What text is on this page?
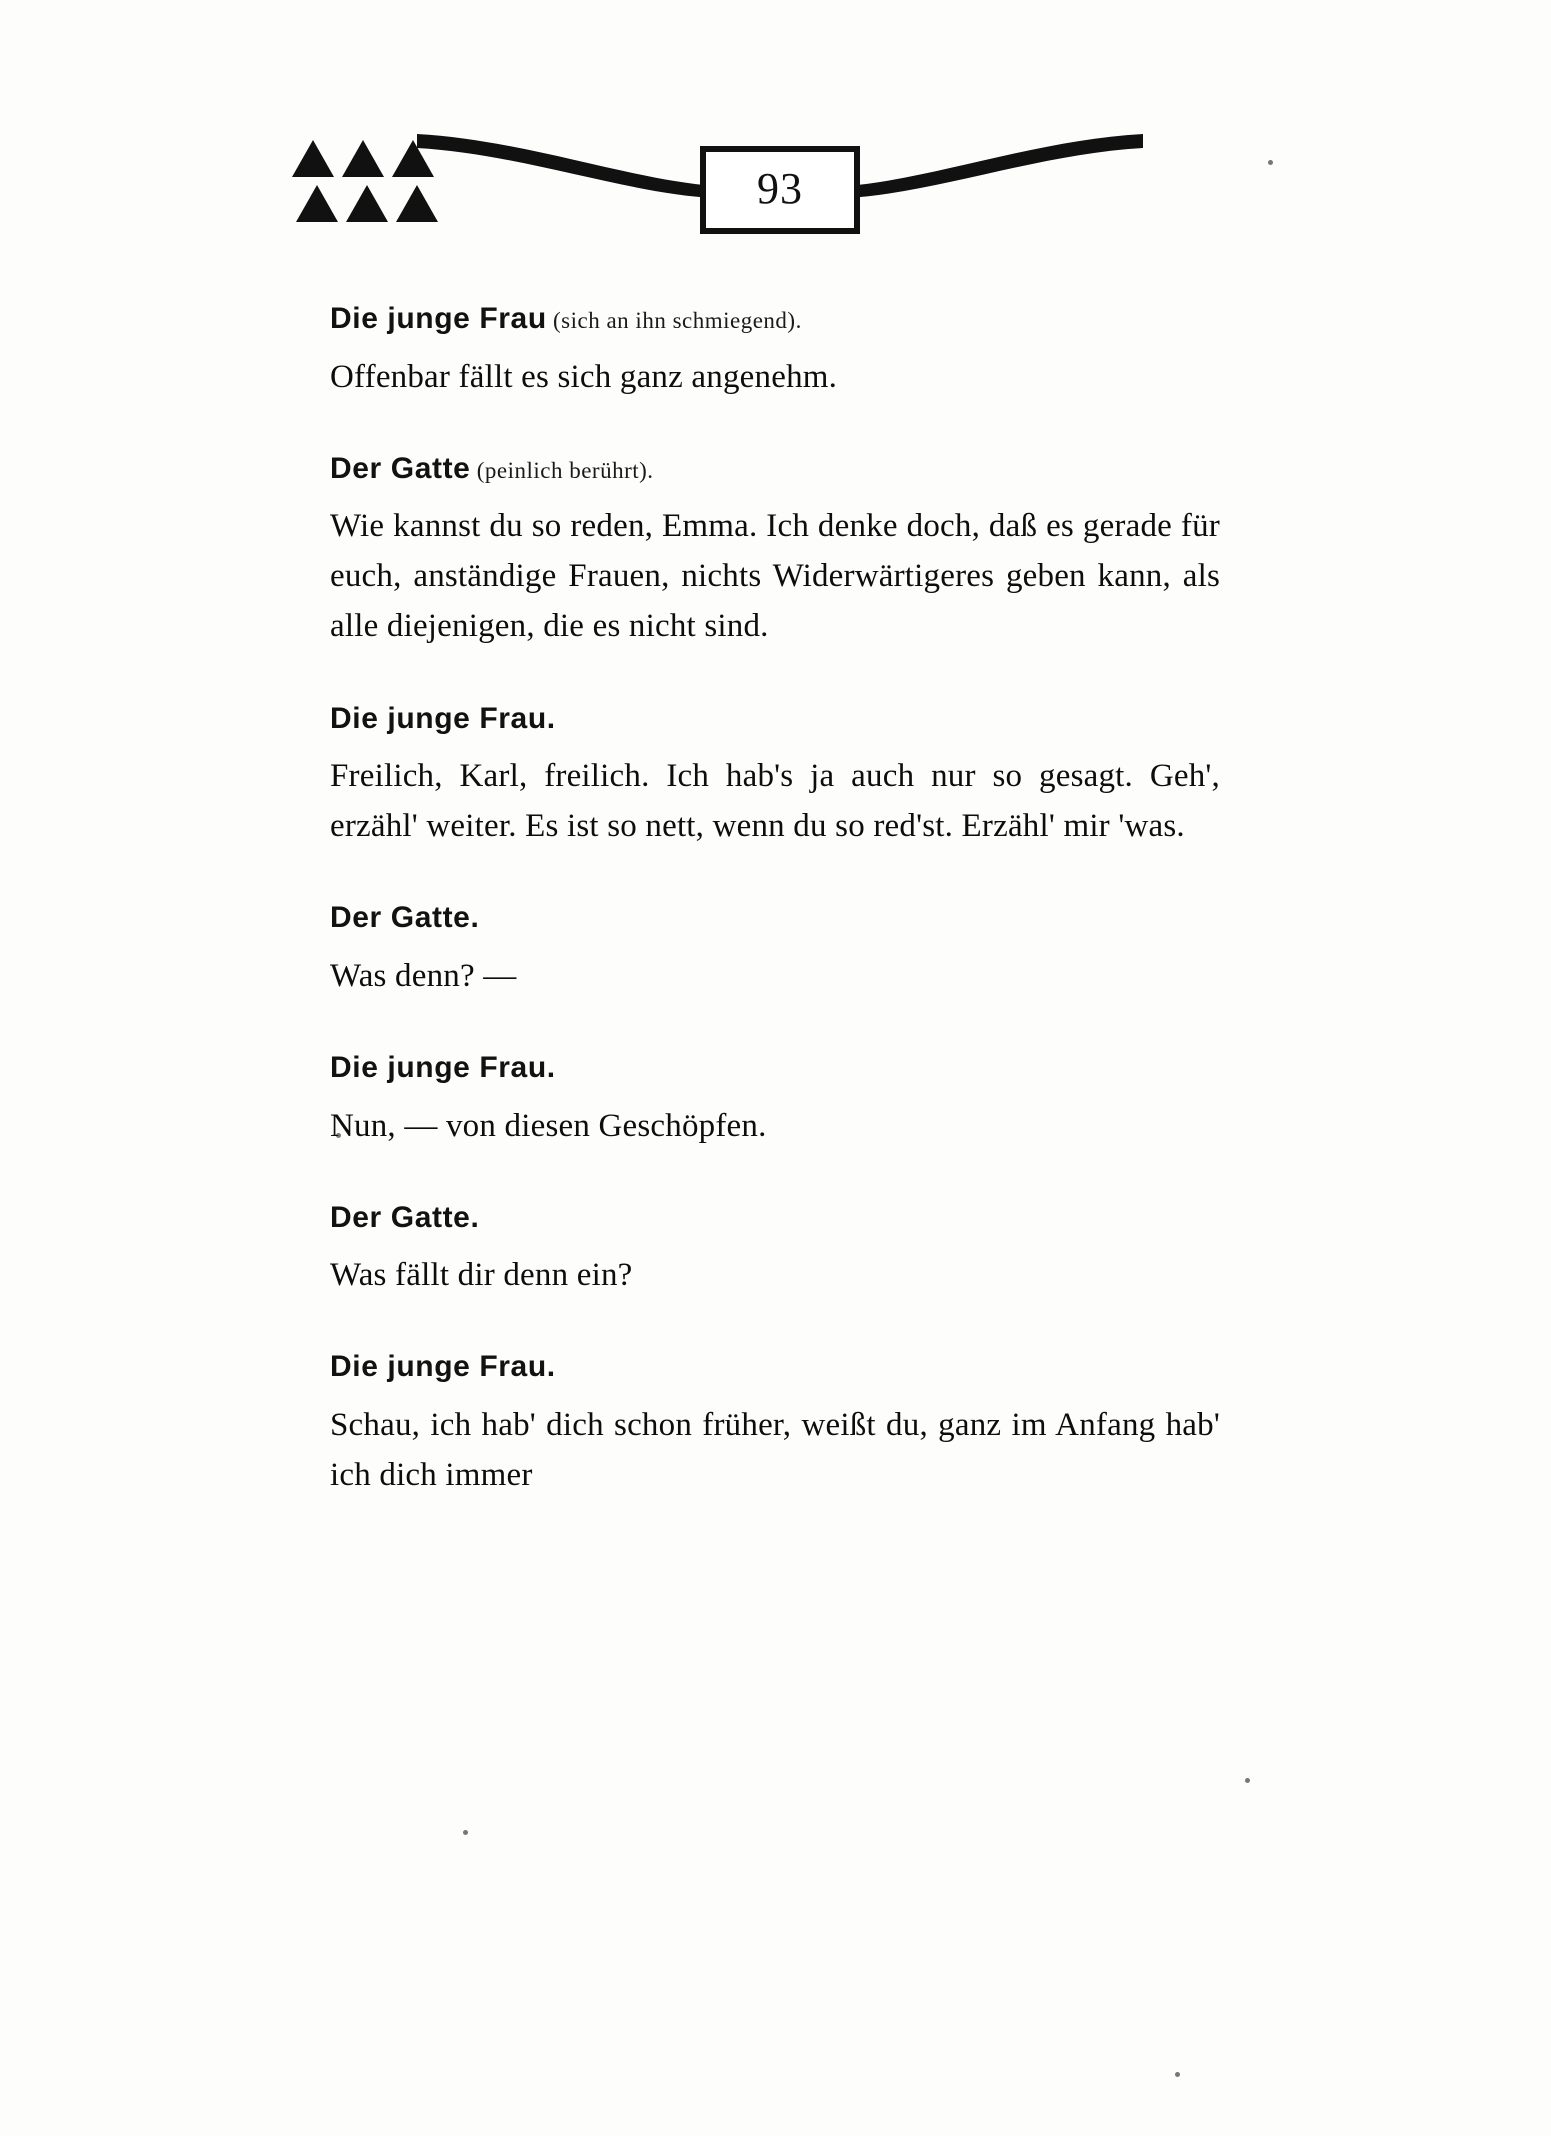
93
Die junge Frau (sich an ihn schmiegend).
Offenbar fällt es sich ganz angenehm.
Der Gatte (peinlich berührt).
Wie kannst du so reden, Emma. Ich denke doch, daß es gerade für euch, anständige Frauen, nichts Widerwärtigeres geben kann, als alle diejenigen, die es nicht sind.
Die junge Frau.
Freilich, Karl, freilich. Ich hab's ja auch nur so gesagt. Geh', erzähl' weiter. Es ist so nett, wenn du so red'st. Erzähl' mir 'was.
Der Gatte.
Was denn? —
Die junge Frau.
Nun, — von diesen Geschöpfen.
Der Gatte.
Was fällt dir denn ein?
Die junge Frau.
Schau, ich hab' dich schon früher, weißt du, ganz im Anfang hab' ich dich immer
